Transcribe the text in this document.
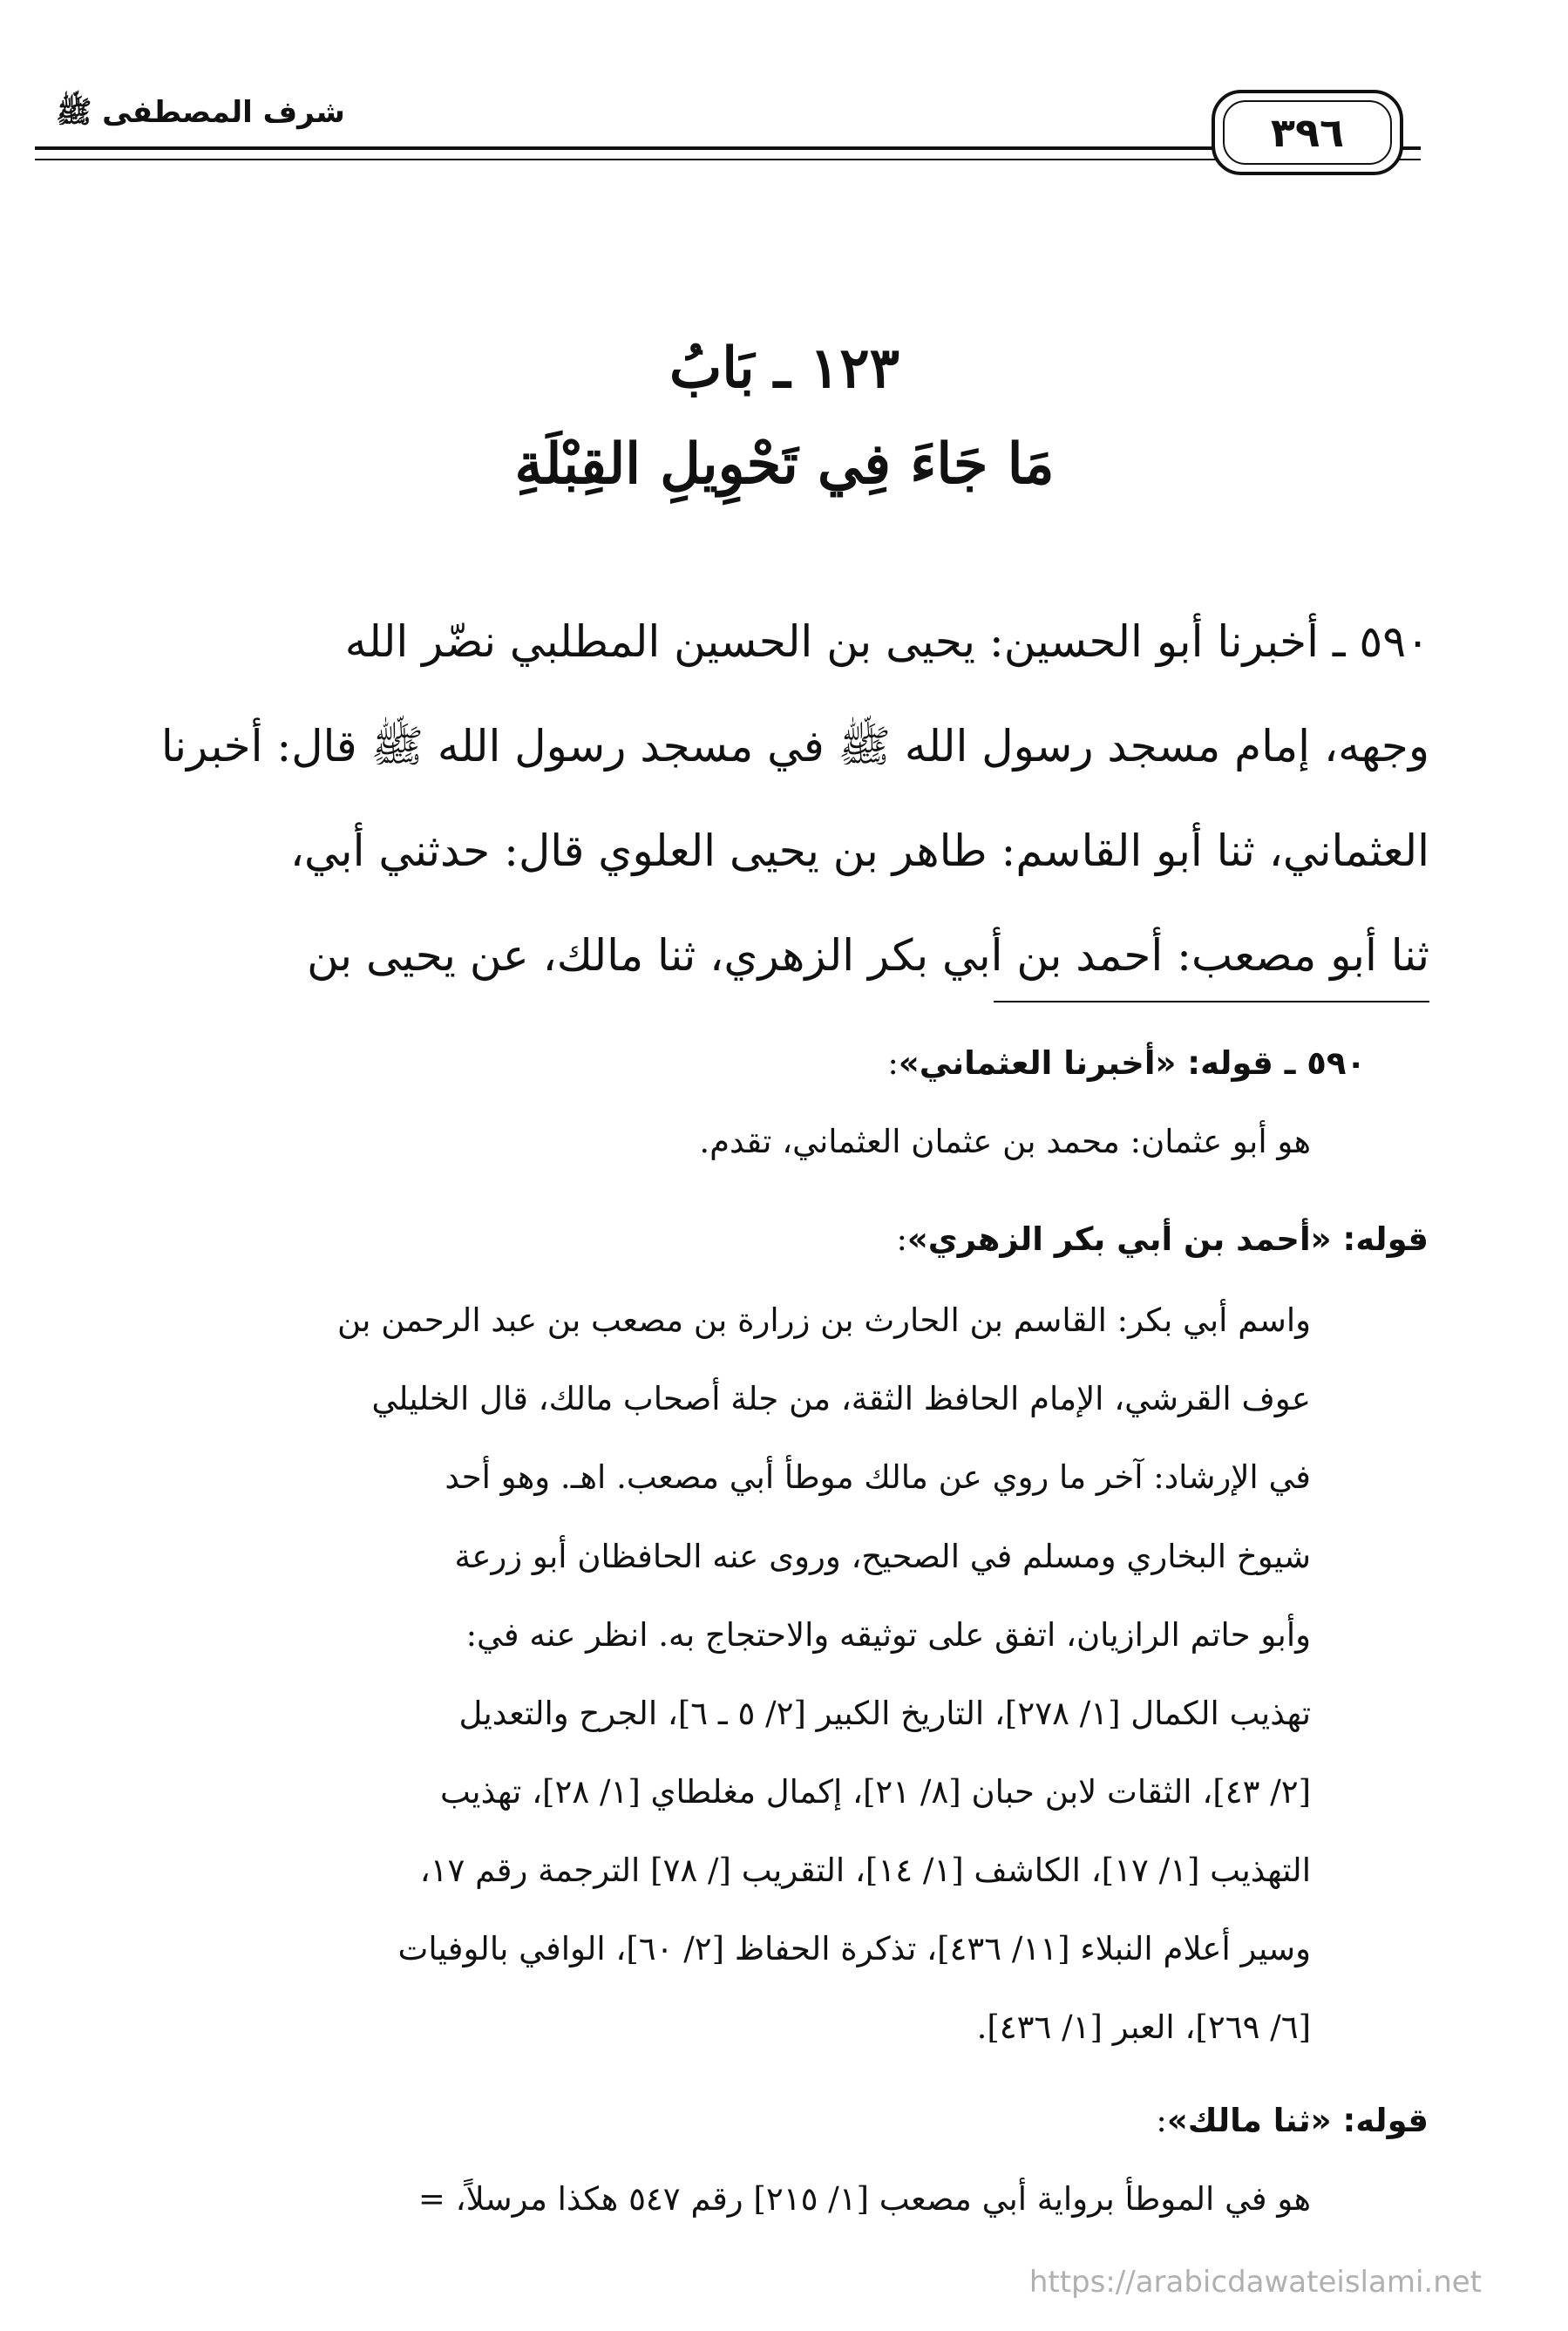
شرف المصطفى ﷺ	٣٩٦
١٢٣ ـ بَابُ
مَا جَاءَ فِي تَحْوِيلِ القِبْلَةِ
٥٩٠ ـ أخبرنا أبو الحسين: يحيى بن الحسين المطلبي نضّر الله
وجهه، إمام مسجد رسول الله ﷺ في مسجد رسول الله ﷺ قال: أخبرنا
العثماني، ثنا أبو القاسم: طاهر بن يحيى العلوي قال: حدثني أبي،
ثنا أبو مصعب: أحمد بن أبي بكر الزهري، ثنا مالك، عن يحيى بن
٥٩٠ ـ قوله: «أخبرنا العثماني»:
هو أبو عثمان: محمد بن عثمان العثماني، تقدم.
قوله: «أحمد بن أبي بكر الزهري»:
واسم أبي بكر: القاسم بن الحارث بن زرارة بن مصعب بن عبد الرحمن بن
عوف القرشي، الإمام الحافظ الثقة، من جلة أصحاب مالك، قال الخليلي
في الإرشاد: آخر ما روي عن مالك موطأ أبي مصعب. اهـ. وهو أحد
شيوخ البخاري ومسلم في الصحيح، وروى عنه الحافظان أبو زرعة
وأبو حاتم الرازيان، اتفق على توثيقه والاحتجاج به. انظر عنه في:
تهذيب الكمال [١/ ٢٧٨]، التاريخ الكبير [٢/ ٥ ـ ٦]، الجرح والتعديل
[٢/ ٤٣]، الثقات لابن حبان [٨/ ٢١]، إكمال مغلطاي [١/ ٢٨]، تهذيب
التهذيب [١/ ١٧]، الكاشف [١/ ١٤]، التقريب [/ ٧٨] الترجمة رقم ١٧،
وسير أعلام النبلاء [١١/ ٤٣٦]، تذكرة الحفاظ [٢/ ٦٠]، الوافي بالوفيات
[٦/ ٢٦٩]، العبر [١/ ٤٣٦].
قوله: «ثنا مالك»:
هو في الموطأ برواية أبي مصعب [١/ ٢١٥] رقم ٥٤٧ هكذا مرسلاً، =
https://arabicdawateislami.net
